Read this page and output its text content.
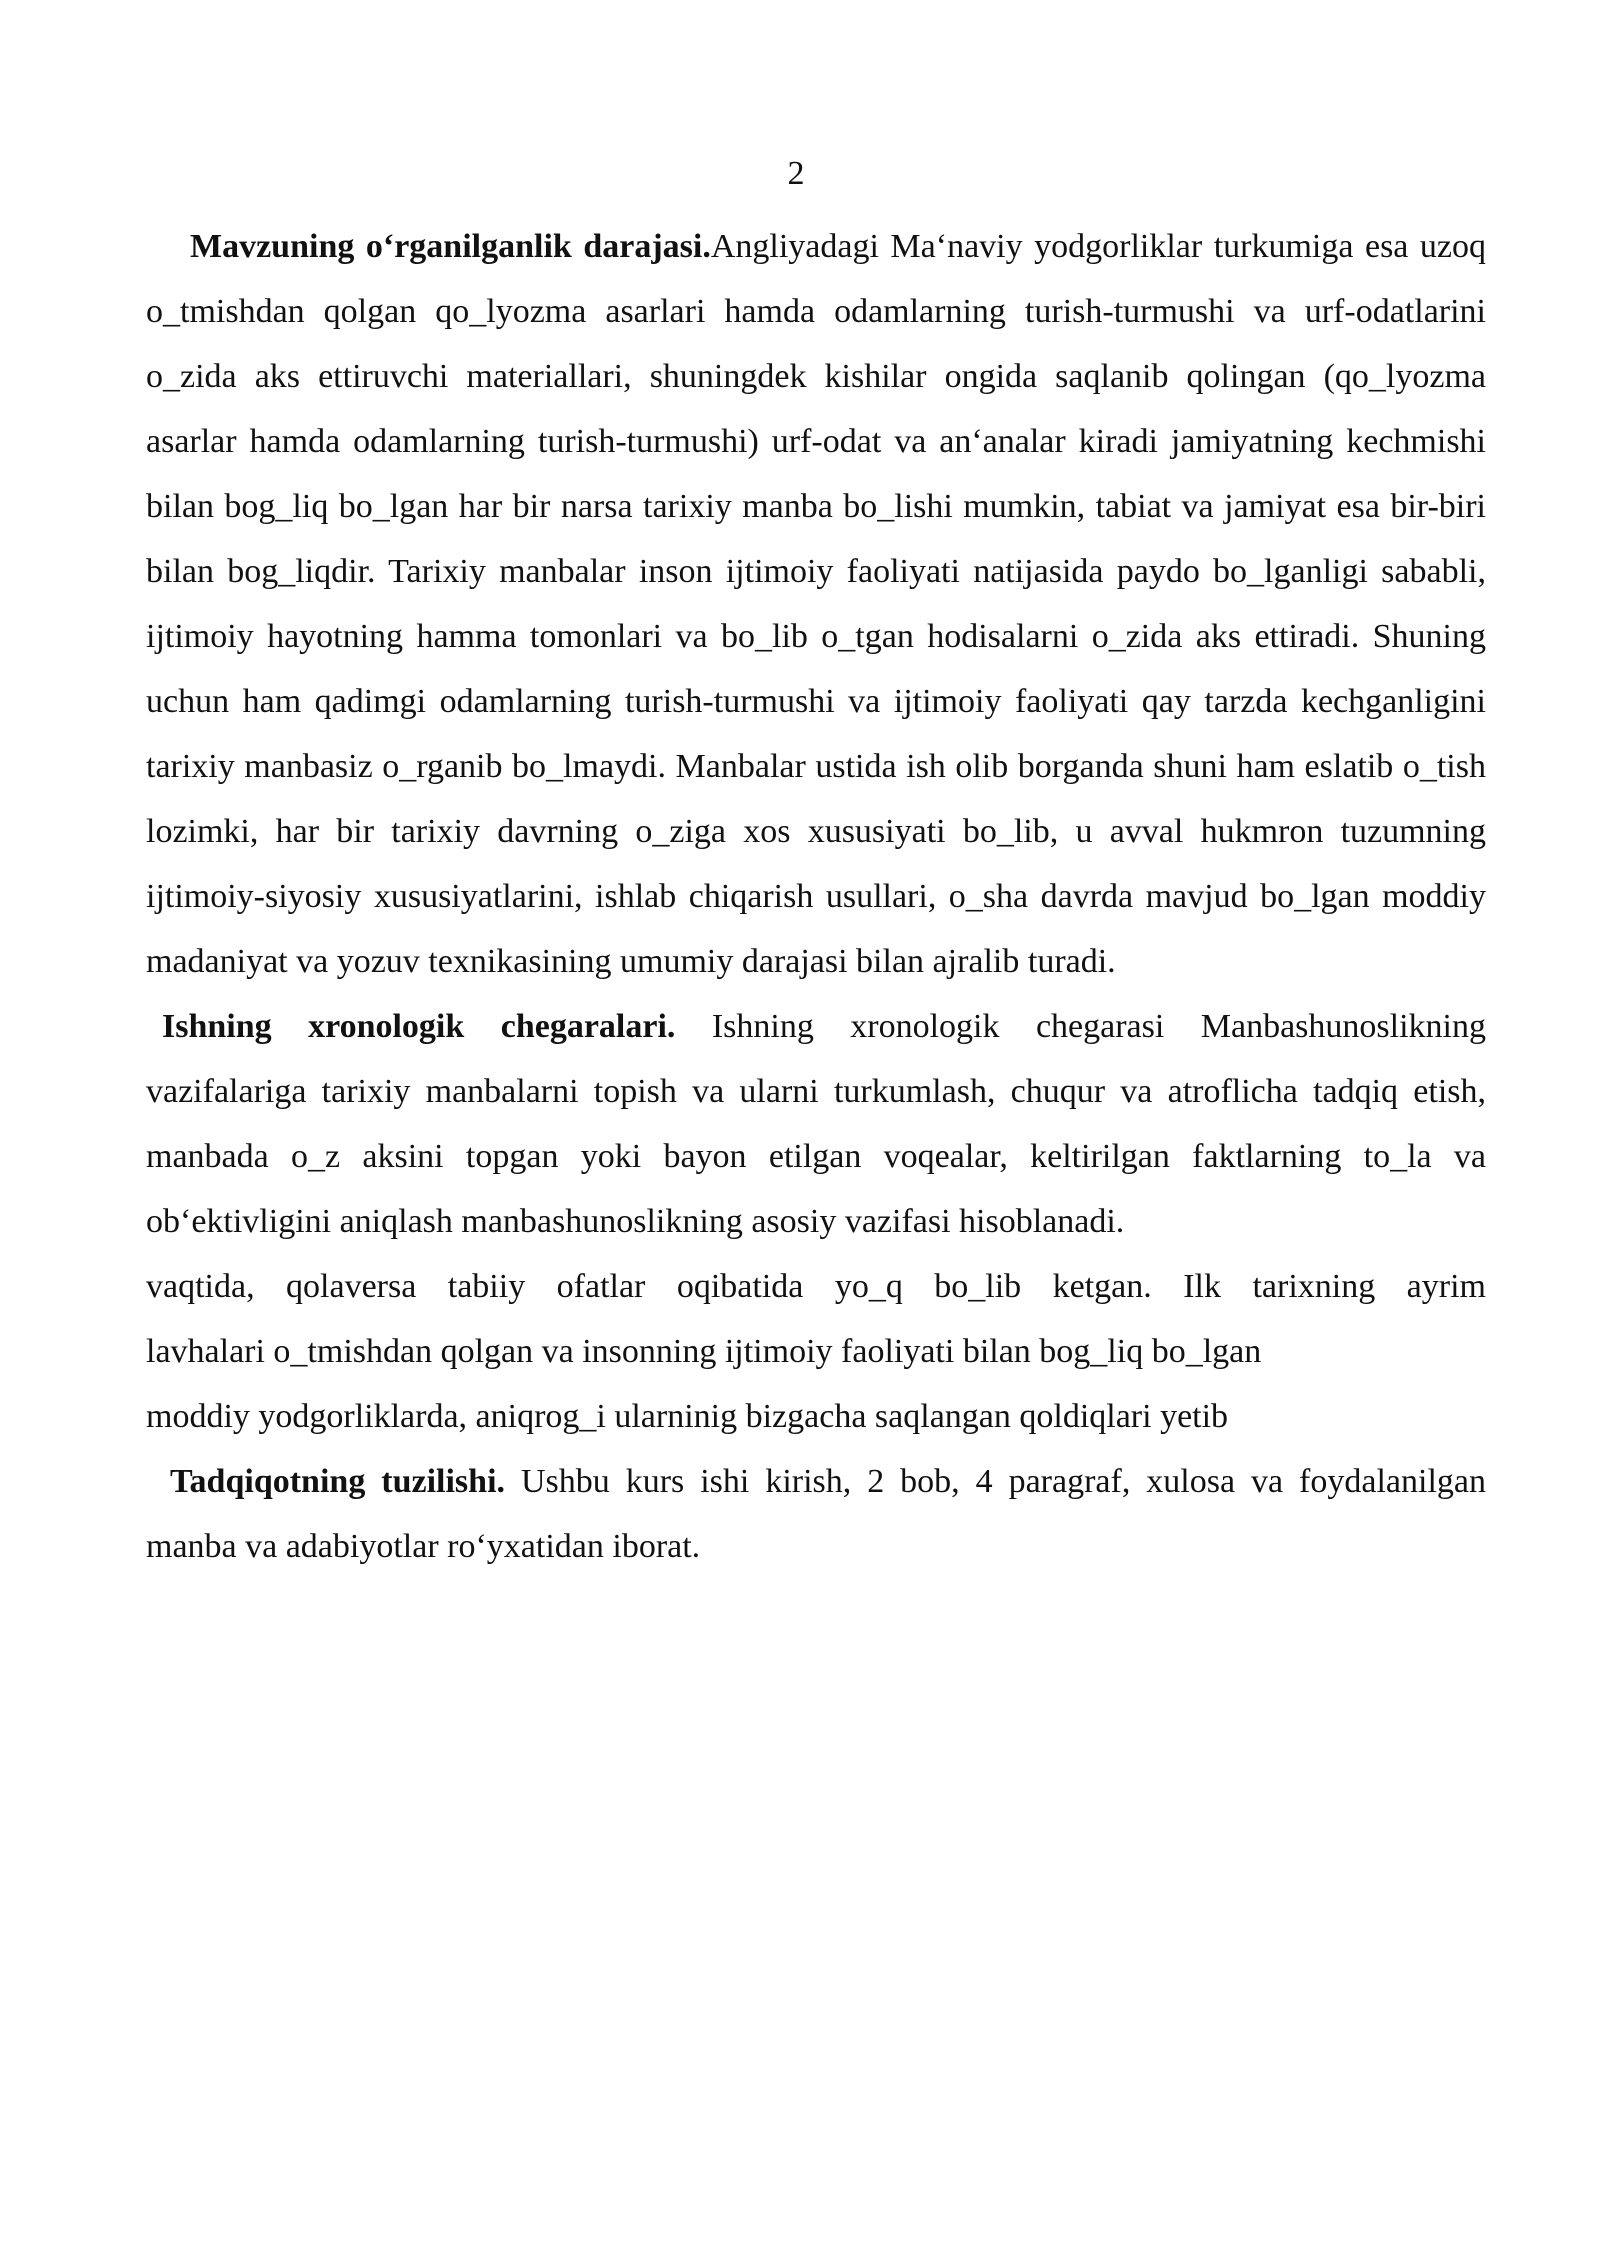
2

Mavzuning o‘rganilganlik darajasi.Angliyadagi Ma‘naviy yodgorliklar turkumiga esa uzoq o_tmishdan qolgan qo_lyozma asarlari hamda odamlarning turish-turmushi va urf-odatlarini o_zida aks ettiruvchi materiallari, shuningdek kishilar ongida saqlanib qolingan (qo_lyozma asarlar hamda odamlarning turish-turmushi) urf-odat va an‘analar kiradi jamiyatning kechmishi bilan bog_liq bo_lgan har bir narsa tarixiy manba bo_lishi mumkin, tabiat va jamiyat esa bir-biri bilan bog_liqdir. Tarixiy manbalar inson ijtimoiy faoliyati natijasida paydo bo_lganligi sababli, ijtimoiy hayotning hamma tomonlari va bo_lib o_tgan hodisalarni o_zida aks ettiradi. Shuning uchun ham qadimgi odamlarning turish-turmushi va ijtimoiy faoliyati qay tarzda kechganligini tarixiy manbasiz o_rganib bo_lmaydi. Manbalar ustida ish olib borganda shuni ham eslatib o_tish lozimki, har bir tarixiy davrning o_ziga xos xususiyati bo_lib, u avval hukmron tuzumning ijtimoiy-siyosiy xususiyatlarini, ishlab chiqarish usullari, o_sha davrda mavjud bo_lgan moddiy madaniyat va yozuv texnikasining umumiy darajasi bilan ajralib turadi.

Ishning xronologik chegaralari. Ishning xronologik chegarasi Manbashunoslikning vazifalariga tarixiy manbalarni topish va ularni turkumlash, chuqur va atroflicha tadqiq etish, manbada o_z aksini topgan yoki bayon etilgan voqealar, keltirilgan faktlarning to_la va ob‘ektivligini aniqlash manbashunoslikning asosiy vazifasi hisoblanadi.

vaqtida, qolaversa tabiiy ofatlar oqibatida yo_q bo_lib ketgan. Ilk tarixning ayrim
lavhalari o_tmishdan qolgan va insonning ijtimoiy faoliyati bilan bog_liq bo_lgan
moddiy yodgorliklarda, aniqrog_i ularninig bizgacha saqlangan qoldiqlari yetib

Tadqiqotning tuzilishi. Ushbu kurs ishi kirish, 2 bob, 4 paragraf, xulosa va foydalanilgan manba va adabiyotlar ro‘yxatidan iborat.
